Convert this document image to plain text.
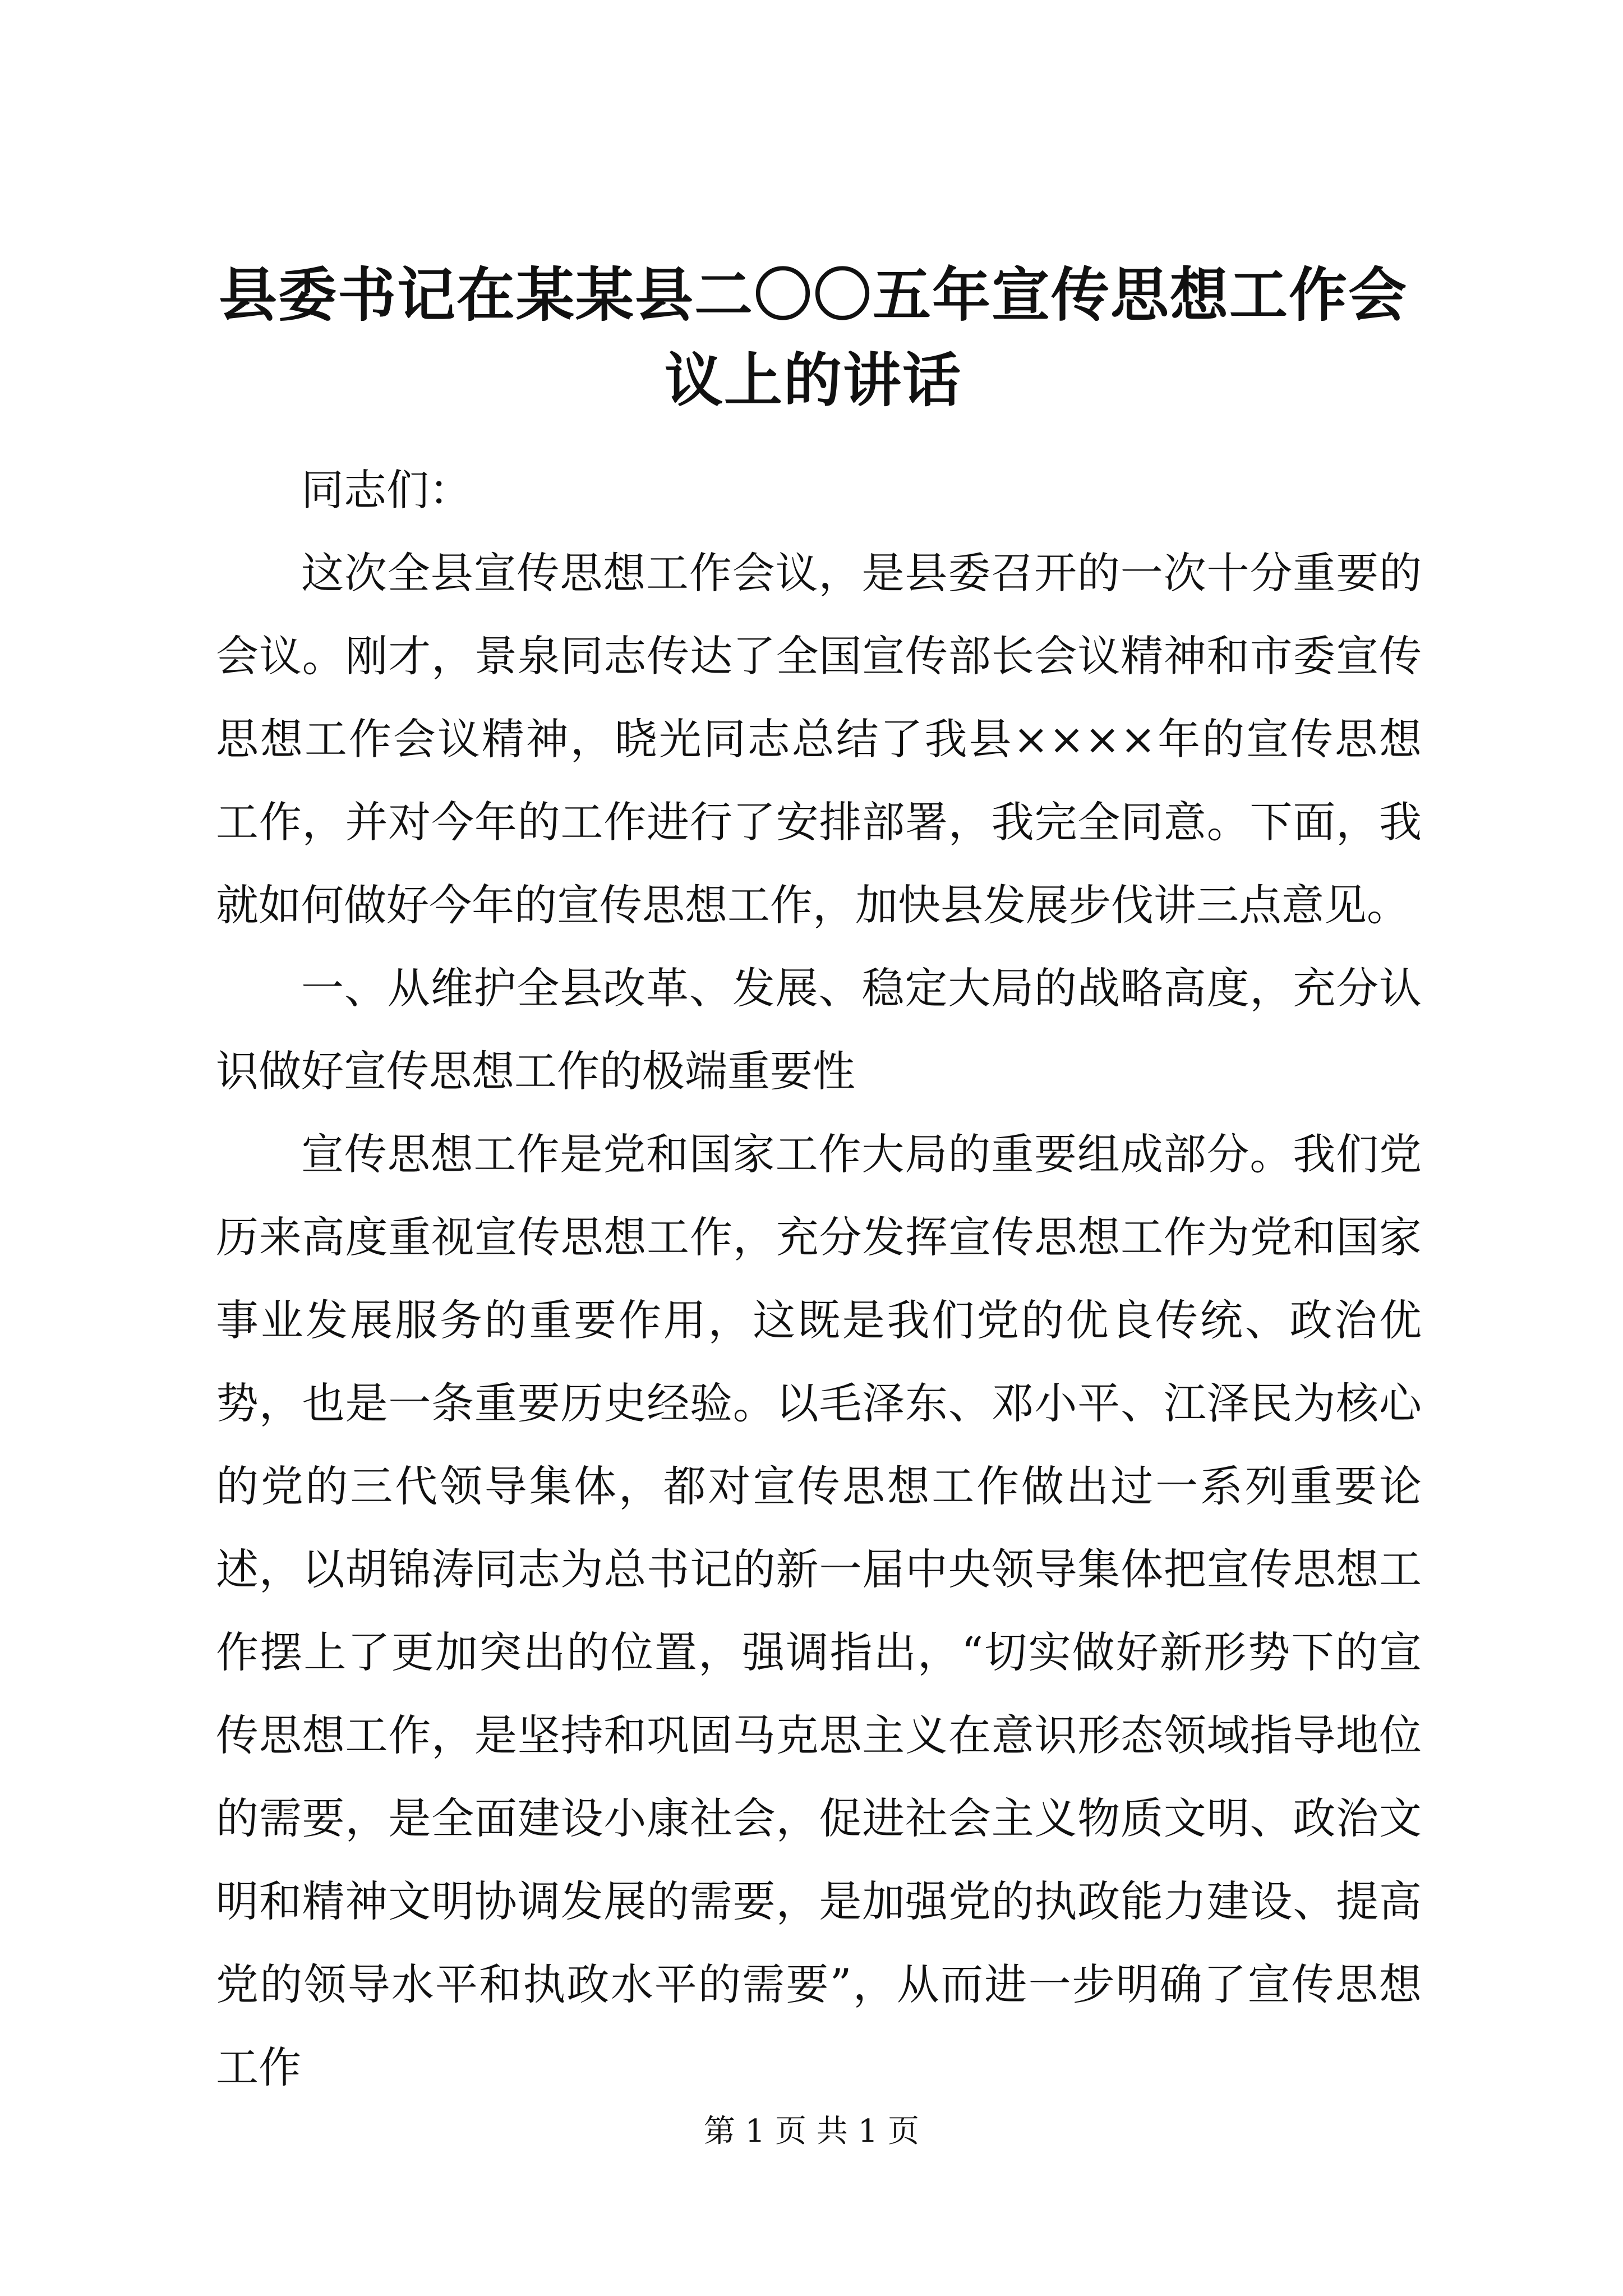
县委书记在某某县二〇〇五年宣传思想工作会
议上的讲话

同志们：

这次全县宣传思想工作会议，是县委召开的一次十分重要的会议。刚才，景泉同志传达了全国宣传部长会议精神和市委宣传思想工作会议精神，晓光同志总结了我县××××年的宣传思想工作，并对今年的工作进行了安排部署，我完全同意。下面，我就如何做好今年的宣传思想工作，加快县发展步伐讲三点意见。

一、从维护全县改革、发展、稳定大局的战略高度，充分认识做好宣传思想工作的极端重要性

宣传思想工作是党和国家工作大局的重要组成部分。我们党历来高度重视宣传思想工作，充分发挥宣传思想工作为党和国家事业发展服务的重要作用，这既是我们党的优良传统、政治优势，也是一条重要历史经验。以毛泽东、邓小平、江泽民为核心的党的三代领导集体，都对宣传思想工作做出过一系列重要论述，以胡锦涛同志为总书记的新一届中央领导集体把宣传思想工作摆上了更加突出的位置，强调指出，“切实做好新形势下的宣传思想工作，是坚持和巩固马克思主义在意识形态领域指导地位的需要，是全面建设小康社会，促进社会主义物质文明、政治文明和精神文明协调发展的需要，是加强党的执政能力建设、提高党的领导水平和执政水平的需要”，从而进一步明确了宣传思想工作

第 1 页 共 1 页
